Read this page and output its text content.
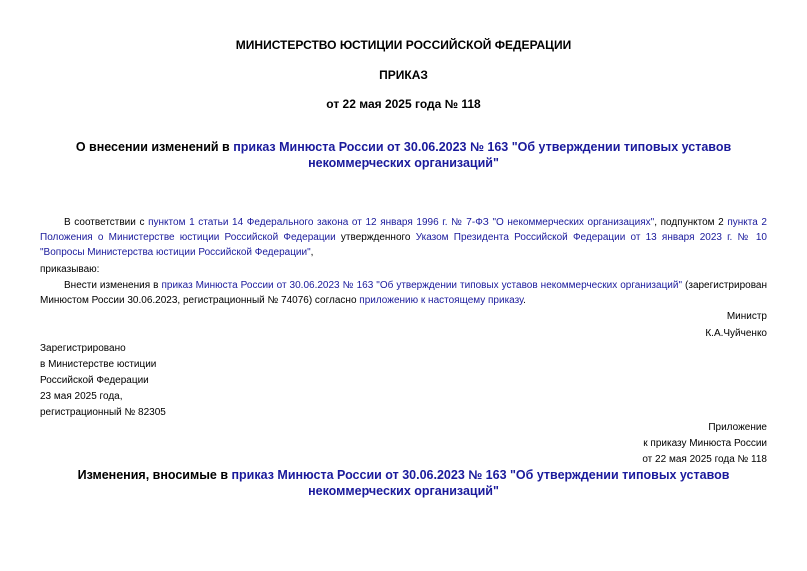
МИНИСТЕРСТВО ЮСТИЦИИ РОССИЙСКОЙ ФЕДЕРАЦИИ
ПРИКАЗ
от 22 мая 2025 года № 118
О внесении изменений в приказ Минюста России от 30.06.2023 № 163 "Об утверждении типовых уставов некоммерческих организаций"
В соответствии с пунктом 1 статьи 14 Федерального закона от 12 января 1996 г. № 7-ФЗ "О некоммерческих организациях", подпунктом 2 пункта 2 Положения о Министерстве юстиции Российской Федерации утвержденного Указом Президента Российской Федерации от 13 января 2023 г. № 10 "Вопросы Министерства юстиции Российской Федерации",
приказываю:
Внести изменения в приказ Минюста России от 30.06.2023 № 163 "Об утверждении типовых уставов некоммерческих организаций" (зарегистрирован Минюстом России 30.06.2023, регистрационный № 74076) согласно приложению к настоящему приказу.
Министр
К.А.Чуйченко
Зарегистрировано
в Министерстве юстиции
Российской Федерации
23 мая 2025 года,
регистрационный № 82305
Приложение
к приказу Минюста России
от 22 мая 2025 года № 118
Изменения, вносимые в приказ Минюста России от 30.06.2023 № 163 "Об утверждении типовых уставов некоммерческих организаций"
